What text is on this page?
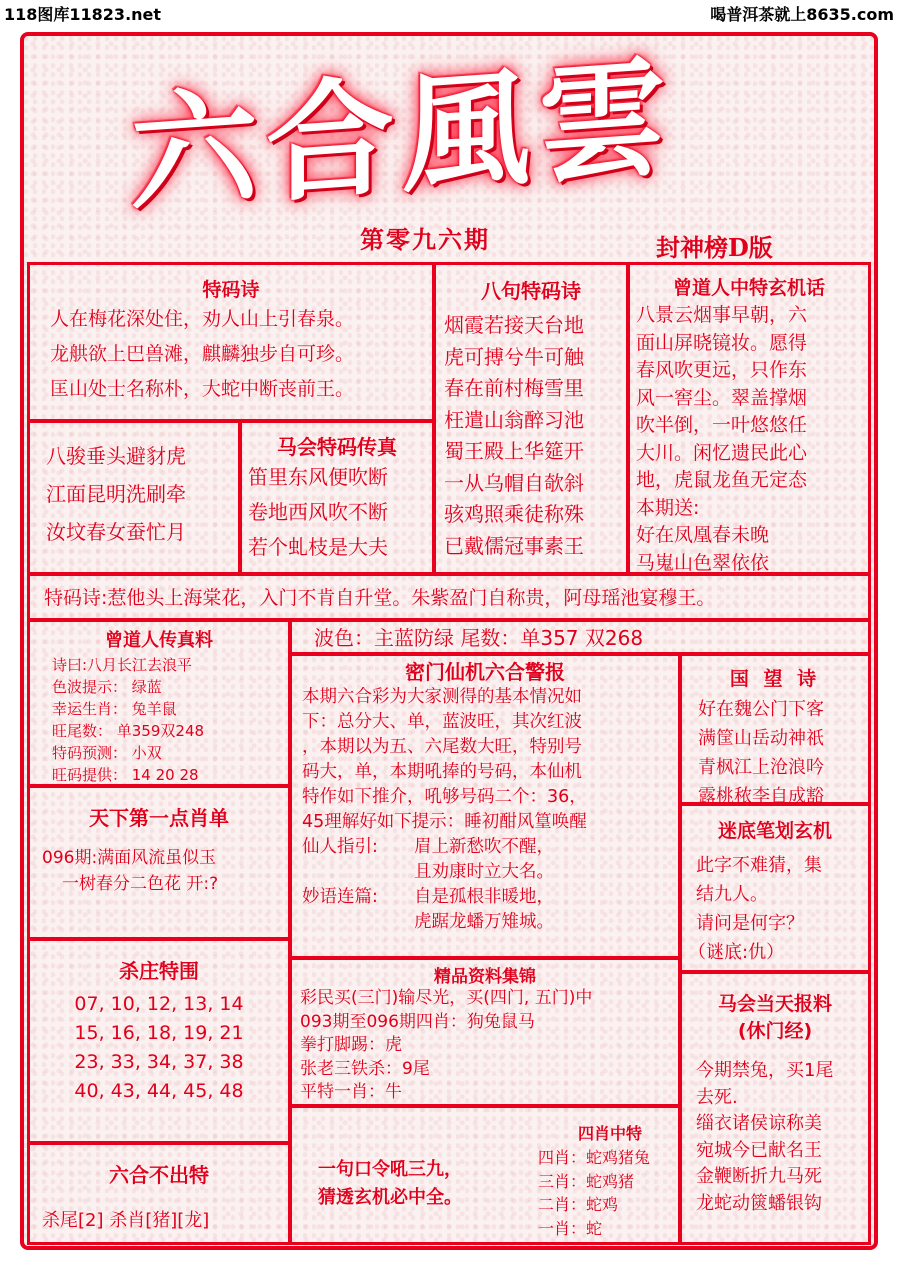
118图库11823.net	喝普洱茶就上8635.com
六合風雲
第零九六期	封神榜D版
特码诗
人在梅花深处住，劝人山上引春泉。
龙舼欲上巴兽滩，麒麟独步自可珍。
匡山处士名称朴，大蛇中断丧前王。
八骏垂头避豺虎
江面昆明洗刷牵
汝坟春女蚕忙月
马会特码传真
笛里东风便吹断
卷地西风吹不断
若个虬枝是大夫
八句特码诗
烟霞若接天台地
虎可搏兮牛可触
春在前村梅雪里
枉遣山翁醉习池
蜀王殿上华筵开
一从乌帽自欹斜
骇鸡照乘徒称殊
已戴儒冠事素王
曾道人中特玄机话
八景云烟事早朝，六
面山屏晓镜妆。愿得
春风吹更远，只作东
风一窖尘。翠盖撑烟
吹半倒，一叶悠悠任
大川。闲忆遗民此心
地，虎鼠龙鱼无定态
本期送:
好在凤凰春未晚
马嵬山色翠依依
特码诗:惹他头上海棠花，入门不肯自升堂。朱紫盈门自称贵，阿母瑶池宴穆王。
曾道人传真料
诗曰:八月长江去浪平
色波提示： 绿蓝
幸运生肖： 兔羊鼠
旺尾数： 单359双248
特码预测： 小双
旺码提供： 14 20 28
天下第一点肖单
096期:满面风流虽似玉
一树春分二色花 开:?
杀庄特围
07, 10, 12, 13, 14
15, 16, 18, 19, 21
23, 33, 34, 37, 38
40, 43, 44, 45, 48
六合不出特
杀尾[2] 杀肖[猪][龙]
波色：主蓝防绿 尾数：单357 双268
密门仙机六合警报
本期六合彩为大家测得的基本情况如
下：总分大、单，蓝波旺，其次红波
，本期以为五、六尾数大旺，特别号
码大，单，本期吼捧的号码，本仙机
特作如下推介，吼够号码二个：36，
45理解好如下提示：睡初酣风篁唤醒
仙人指引:	眉上新愁吹不醒，
且劝康时立大名。
妙语连篇:	自是孤根非暖地，
虎踞龙蟠万雉城。
精品资料集锦
彩民买(三门)输尽光，买(四门, 五门)中
093期至096期四肖：狗兔鼠马
拳打脚踢：虎
张老三铁杀：9尾
平特一肖：牛
一句口令吼三九，
猜透玄机必中全。
四肖中特
四肖：蛇鸡猪兔
三肖：蛇鸡猪
二肖：蛇鸡
一肖：蛇
国 望 诗
好在魏公门下客
满筐山岳动神祇
青枫江上沧浪吟
露桃秾李自成豁
迷底笔划玄机
此字不难猜，集
结九人。
请问是何字？
（谜底:仇）
马会当天报料
(休门经)
今期禁兔，买1尾
去死.
缁衣诸侯谅称美
宛城今已献名王
金鞭断折九马死
龙蛇动篋蟠银钩
